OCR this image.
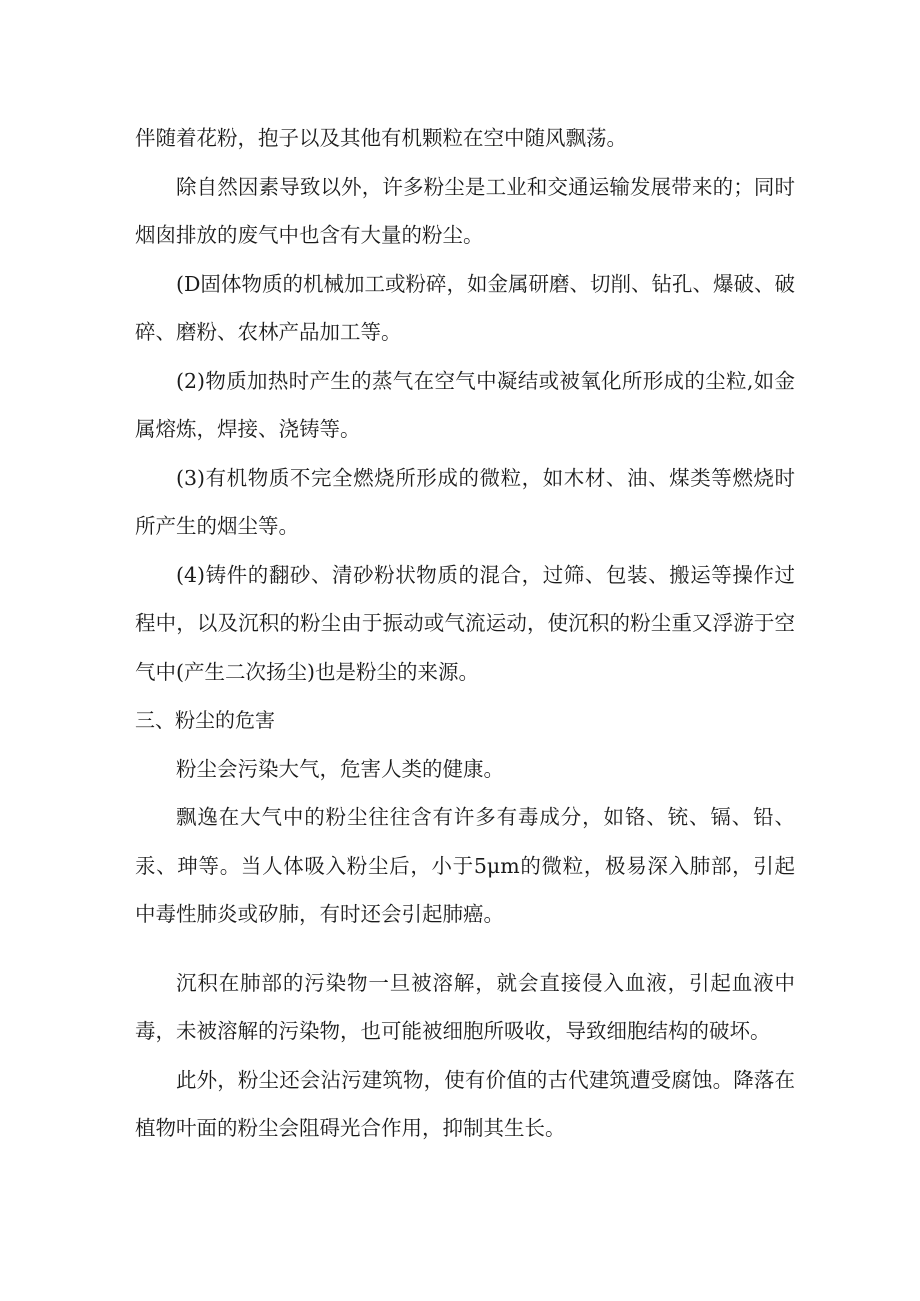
伴随着花粉，抱子以及其他有机颗粒在空中随风飘荡。

除自然因素导致以外，许多粉尘是工业和交通运输发展带来的；同时烟囱排放的废气中也含有大量的粉尘。

(D固体物质的机械加工或粉碎，如金属研磨、切削、钻孔、爆破、破碎、磨粉、农林产品加工等。

(2)物质加热时产生的蒸气在空气中凝结或被氧化所形成的尘粒,如金属熔炼，焊接、浇铸等。

(3)有机物质不完全燃烧所形成的微粒，如木材、油、煤类等燃烧时所产生的烟尘等。

(4)铸件的翻砂、清砂粉状物质的混合，过筛、包装、搬运等操作过程中，以及沉积的粉尘由于振动或气流运动，使沉积的粉尘重又浮游于空气中(产生二次扬尘)也是粉尘的来源。

三、粉尘的危害

粉尘会污染大气，危害人类的健康。

飘逸在大气中的粉尘往往含有许多有毒成分，如铬、铳、镉、铅、汞、珅等。当人体吸入粉尘后，小于5μm的微粒，极易深入肺部，引起中毒性肺炎或矽肺，有时还会引起肺癌。

沉积在肺部的污染物一旦被溶解，就会直接侵入血液，引起血液中毒，未被溶解的污染物，也可能被细胞所吸收，导致细胞结构的破坏。

此外，粉尘还会沾污建筑物，使有价值的古代建筑遭受腐蚀。降落在植物叶面的粉尘会阻碍光合作用，抑制其生长。
